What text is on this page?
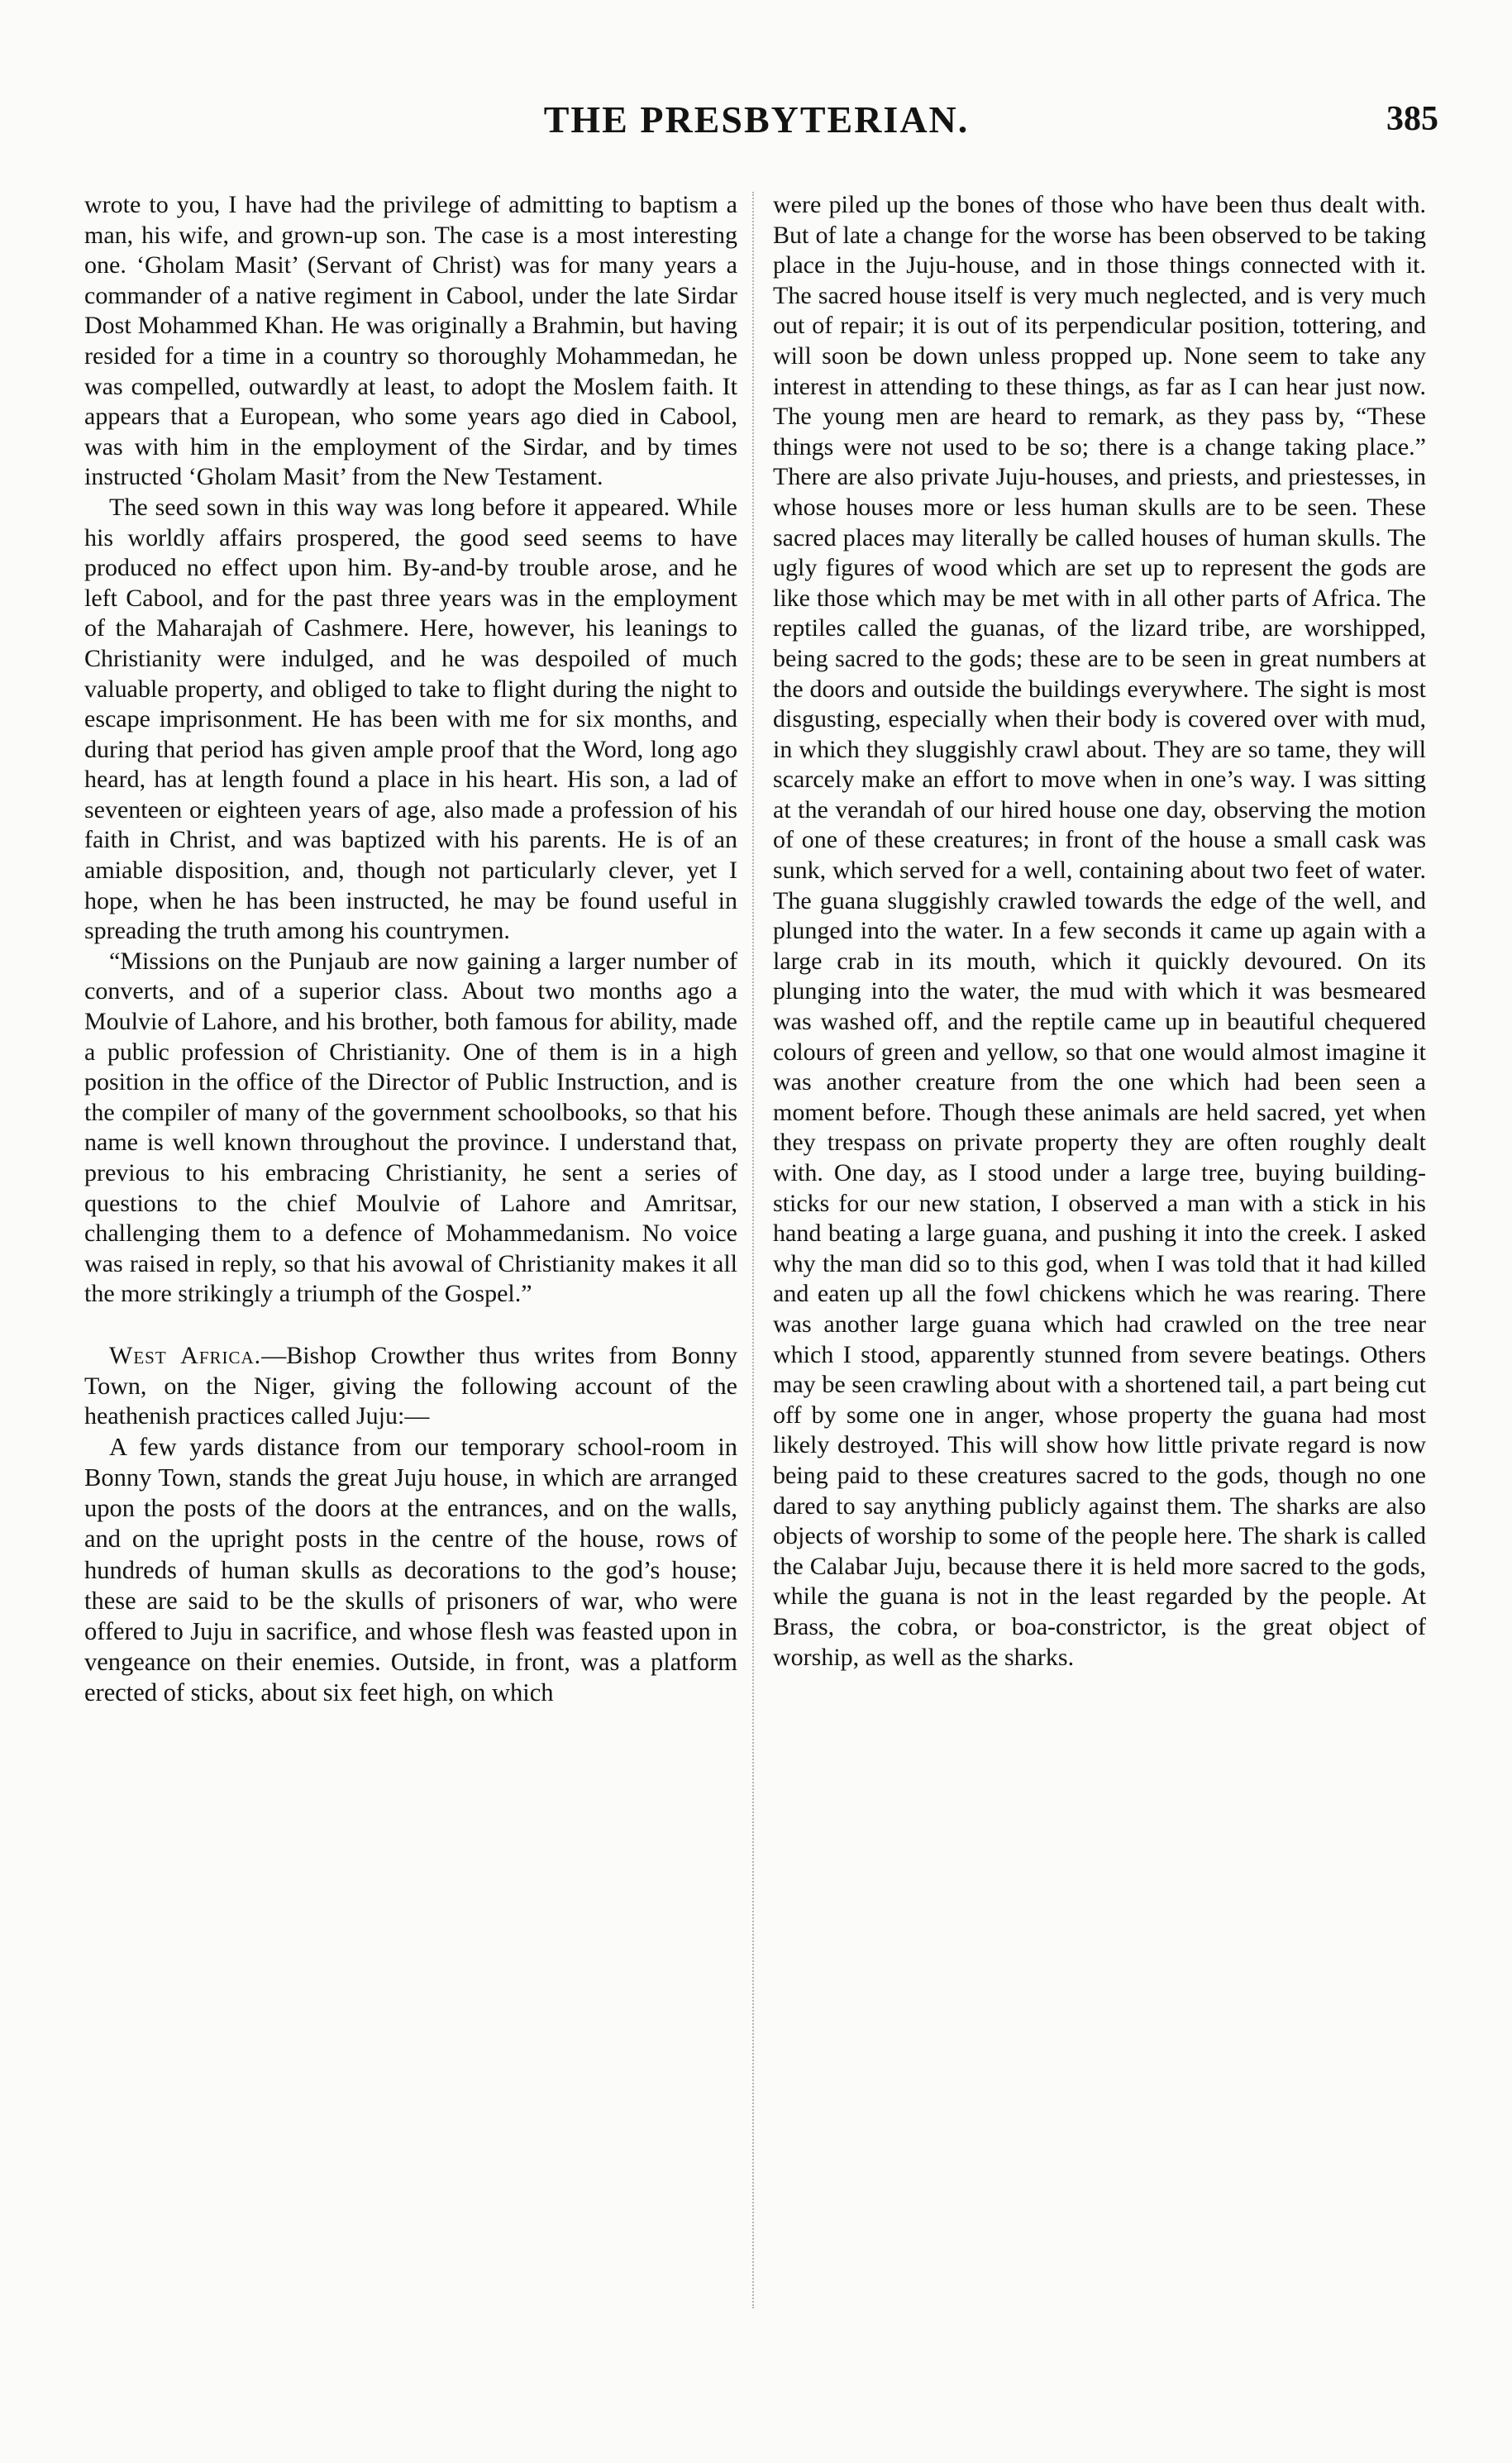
THE PRESBYTERIAN.	385

wrote to you, I have had the privilege of admitting to baptism a man, his wife, and grown-up son. The case is a most interesting one. ‘Gholam Masit’ (Servant of Christ) was for many years a commander of a native regiment in Cabool, under the late Sirdar Dost Mohammed Khan. He was originally a Brahmin, but having resided for a time in a country so thoroughly Mohammedan, he was compelled, outwardly at least, to adopt the Moslem faith. It appears that a European, who some years ago died in Cabool, was with him in the employment of the Sirdar, and by times instructed ‘Gholam Masit’ from the New Testament.

The seed sown in this way was long before it appeared. While his worldly affairs prospered, the good seed seems to have produced no effect upon him. By-and-by trouble arose, and he left Cabool, and for the past three years was in the employment of the Maharajah of Cashmere. Here, however, his leanings to Christianity were indulged, and he was despoiled of much valuable property, and obliged to take to flight during the night to escape imprisonment. He has been with me for six months, and during that period has given ample proof that the Word, long ago heard, has at length found a place in his heart. His son, a lad of seventeen or eighteen years of age, also made a profession of his faith in Christ, and was baptized with his parents. He is of an amiable disposition, and, though not particularly clever, yet I hope, when he has been instructed, he may be found useful in spreading the truth among his countrymen.

“Missions on the Punjaub are now gaining a larger number of converts, and of a superior class. About two months ago a Moulvie of Lahore, and his brother, both famous for ability, made a public profession of Christianity. One of them is in a high position in the office of the Director of Public Instruction, and is the compiler of many of the government schoolbooks, so that his name is well known throughout the province. I understand that, previous to his embracing Christianity, he sent a series of questions to the chief Moulvie of Lahore and Amritsar, challenging them to a defence of Mohammedanism. No voice was raised in reply, so that his avowal of Christianity makes it all the more strikingly a triumph of the Gospel.”

West Africa.—Bishop Crowther thus writes from Bonny Town, on the Niger, giving the following account of the heathenish practices called Juju:—

A few yards distance from our temporary school-room in Bonny Town, stands the great Juju house, in which are arranged upon the posts of the doors at the entrances, and on the walls, and on the upright posts in the centre of the house, rows of hundreds of human skulls as decorations to the god’s house; these are said to be the skulls of prisoners of war, who were offered to Juju in sacrifice, and whose flesh was feasted upon in vengeance on their enemies. Outside, in front, was a platform erected of sticks, about six feet high, on which

were piled up the bones of those who have been thus dealt with. But of late a change for the worse has been observed to be taking place in the Juju-house, and in those things connected with it. The sacred house itself is very much neglected, and is very much out of repair; it is out of its perpendicular position, tottering, and will soon be down unless propped up. None seem to take any interest in attending to these things, as far as I can hear just now. The young men are heard to remark, as they pass by, “These things were not used to be so; there is a change taking place.” There are also private Juju-houses, and priests, and priestesses, in whose houses more or less human skulls are to be seen. These sacred places may literally be called houses of human skulls. The ugly figures of wood which are set up to represent the gods are like those which may be met with in all other parts of Africa. The reptiles called the guanas, of the lizard tribe, are worshipped, being sacred to the gods; these are to be seen in great numbers at the doors and outside the buildings everywhere. The sight is most disgusting, especially when their body is covered over with mud, in which they sluggishly crawl about. They are so tame, they will scarcely make an effort to move when in one’s way. I was sitting at the verandah of our hired house one day, observing the motion of one of these creatures; in front of the house a small cask was sunk, which served for a well, containing about two feet of water. The guana sluggishly crawled towards the edge of the well, and plunged into the water. In a few seconds it came up again with a large crab in its mouth, which it quickly devoured. On its plunging into the water, the mud with which it was besmeared was washed off, and the reptile came up in beautiful chequered colours of green and yellow, so that one would almost imagine it was another creature from the one which had been seen a moment before. Though these animals are held sacred, yet when they trespass on private property they are often roughly dealt with. One day, as I stood under a large tree, buying building-sticks for our new station, I observed a man with a stick in his hand beating a large guana, and pushing it into the creek. I asked why the man did so to this god, when I was told that it had killed and eaten up all the fowl chickens which he was rearing. There was another large guana which had crawled on the tree near which I stood, apparently stunned from severe beatings. Others may be seen crawling about with a shortened tail, a part being cut off by some one in anger, whose property the guana had most likely destroyed. This will show how little private regard is now being paid to these creatures sacred to the gods, though no one dared to say anything publicly against them. The sharks are also objects of worship to some of the people here. The shark is called the Calabar Juju, because there it is held more sacred to the gods, while the guana is not in the least regarded by the people. At Brass, the cobra, or boa-constrictor, is the great object of worship, as well as the sharks.
